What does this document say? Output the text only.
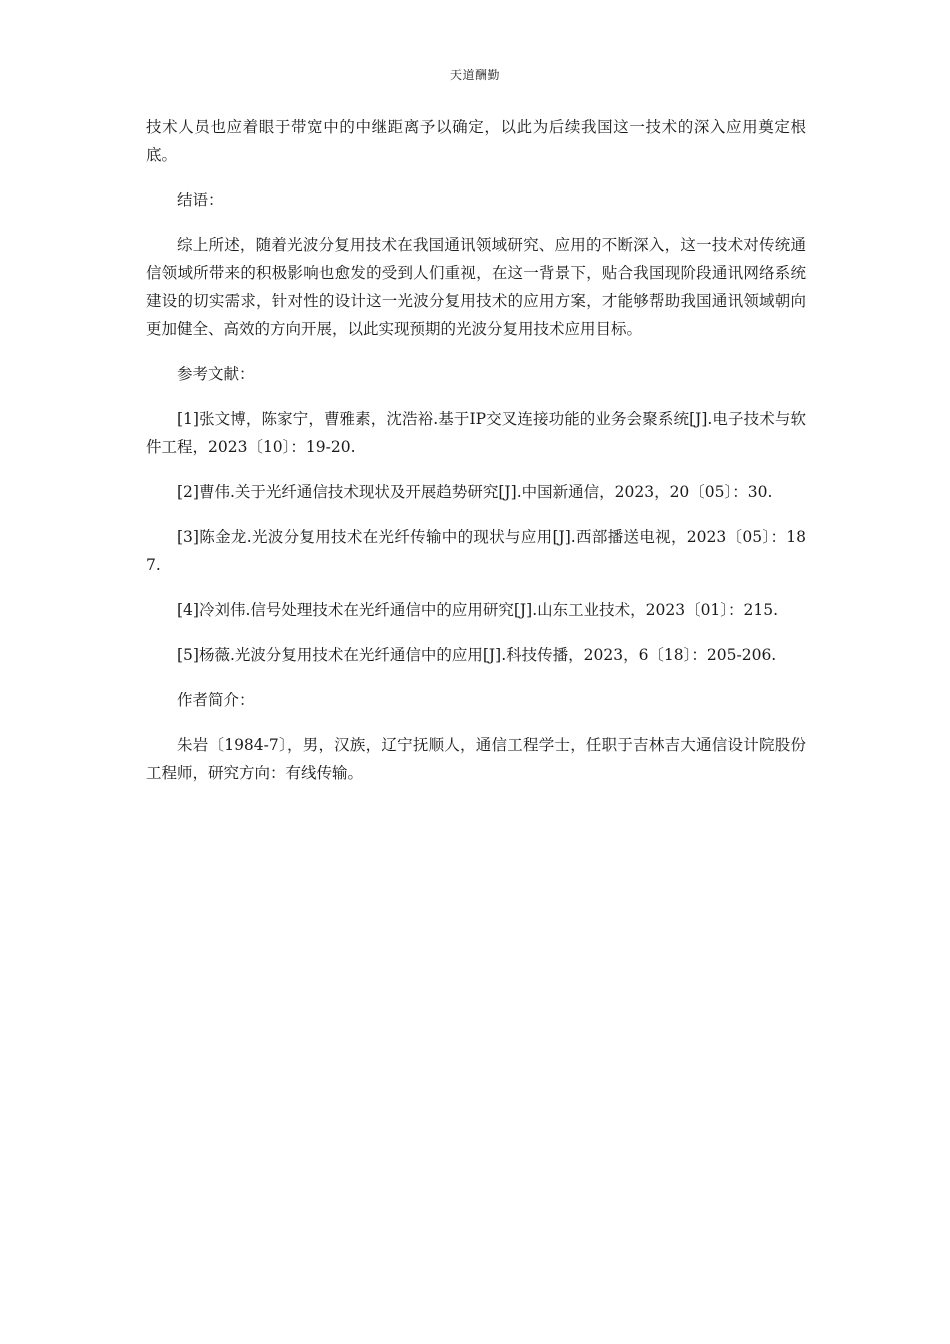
天道酬勤

技术人员也应着眼于带宽中的中继距离予以确定，以此为后续我国这一技术的深入应用奠定根底。

结语：

综上所述，随着光波分复用技术在我国通讯领域研究、应用的不断深入，这一技术对传统通信领域所带来的积极影响也愈发的受到人们重视，在这一背景下，贴合我国现阶段通讯网络系统建设的切实需求，针对性的设计这一光波分复用技术的应用方案，才能够帮助我国通讯领域朝向更加健全、高效的方向开展，以此实现预期的光波分复用技术应用目标。

参考文献：

[1]张文博，陈家宁，曹雅素，沈浩裕.基于IP交叉连接功能的业务会聚系统[J].电子技术与软件工程，2023〔10〕：19-20.

[2]曹伟.关于光纤通信技术现状及开展趋势研究[J].中国新通信，2023，20〔05〕：30.

[3]陈金龙.光波分复用技术在光纤传输中的现状与应用[J].西部播送电视，2023〔05〕：187.

[4]冷刘伟.信号处理技术在光纤通信中的应用研究[J].山东工业技术，2023〔01〕：215.

[5]杨薇.光波分复用技术在光纤通信中的应用[J].科技传播，2023，6〔18〕：205-206.

作者简介：

朱岩〔1984-7〕，男，汉族，辽宁抚顺人，通信工程学士，任职于吉林吉大通信设计院股份工程师，研究方向：有线传输。
